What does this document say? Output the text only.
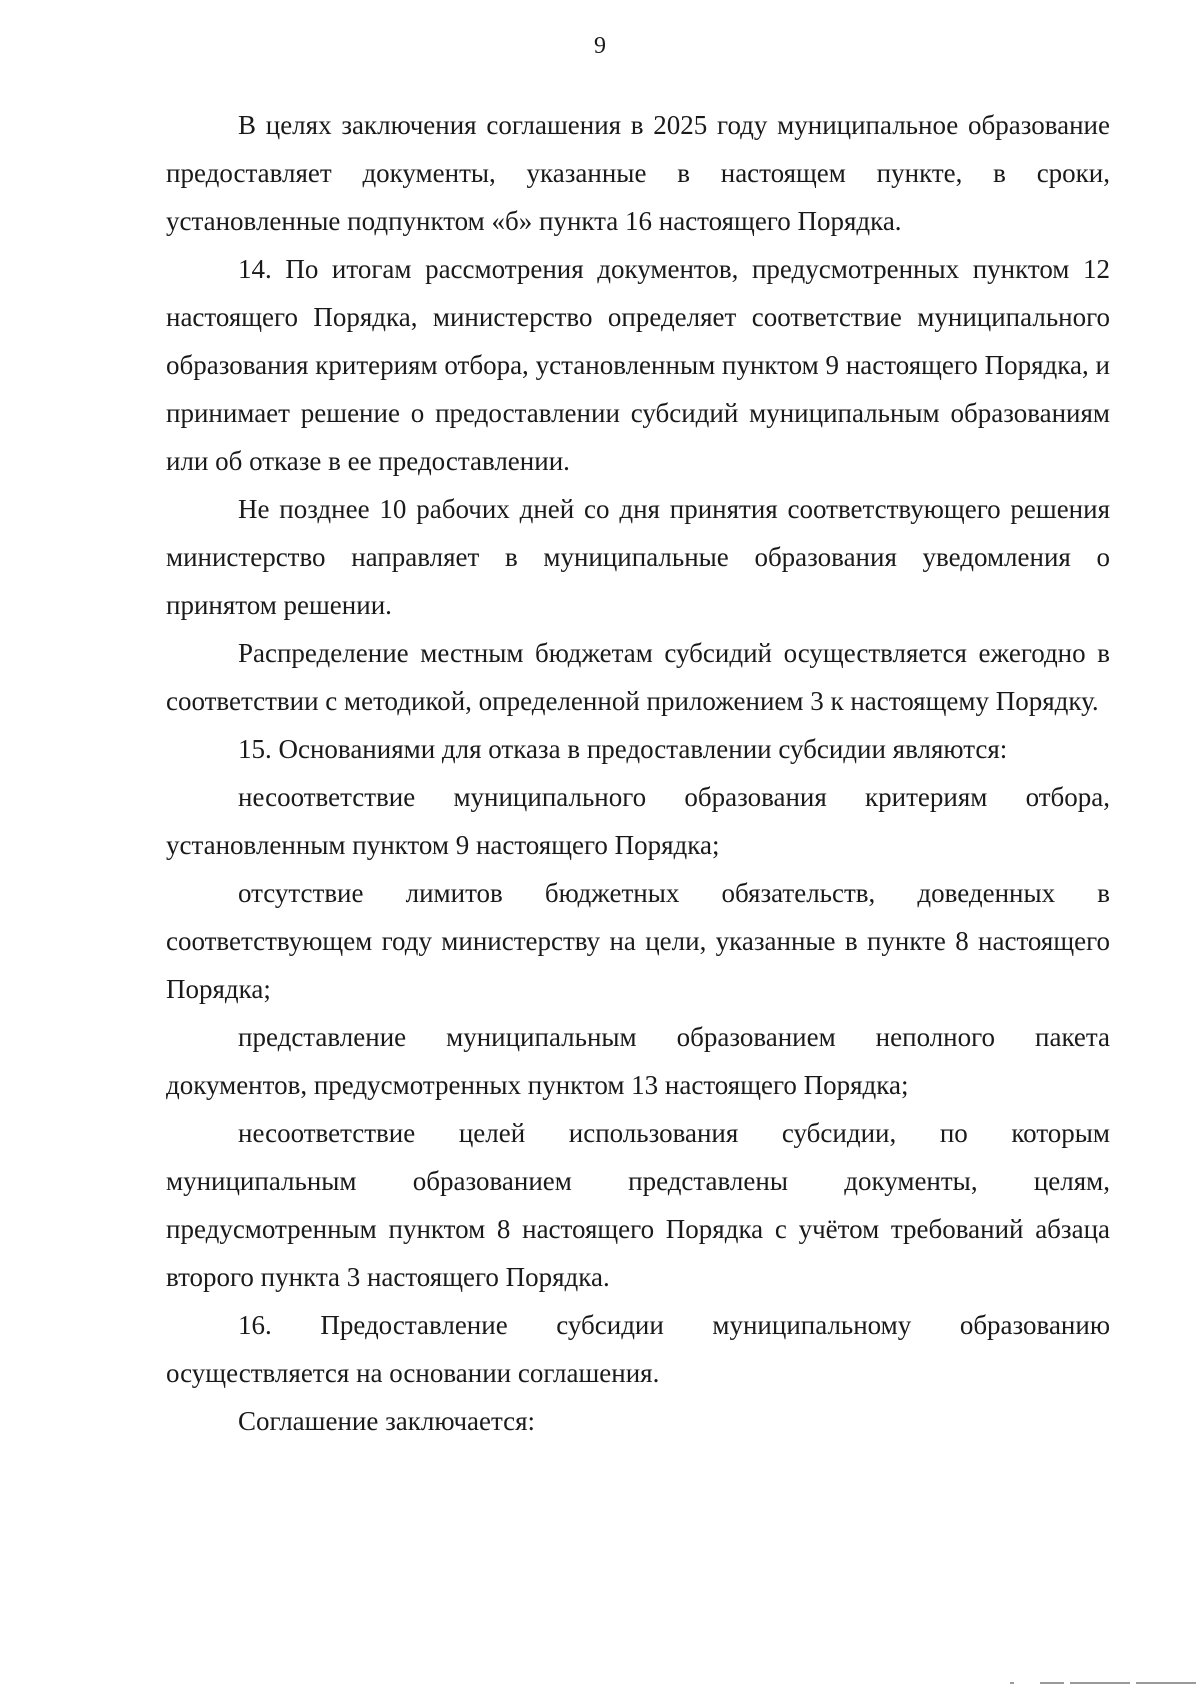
9

В целях заключения соглашения в 2025 году муниципальное образование предоставляет документы, указанные в настоящем пункте, в сроки, установленные подпунктом «б» пункта 16 настоящего Порядка.

14. По итогам рассмотрения документов, предусмотренных пунктом 12 настоящего Порядка, министерство определяет соответствие муниципального образования критериям отбора, установленным пунктом 9 настоящего Порядка, и принимает решение о предоставлении субсидий муниципальным образованиям или об отказе в ее предоставлении.

Не позднее 10 рабочих дней со дня принятия соответствующего решения министерство направляет в муниципальные образования уведомления о принятом решении.

Распределение местным бюджетам субсидий осуществляется ежегодно в соответствии с методикой, определенной приложением 3 к настоящему Порядку.

15. Основаниями для отказа в предоставлении субсидии являются:

несоответствие муниципального образования критериям отбора, установленным пунктом 9 настоящего Порядка;

отсутствие лимитов бюджетных обязательств, доведенных в соответствующем году министерству на цели, указанные в пункте 8 настоящего Порядка;

представление муниципальным образованием неполного пакета документов, предусмотренных пунктом 13 настоящего Порядка;

несоответствие целей использования субсидии, по которым муниципальным образованием представлены документы, целям, предусмотренным пунктом 8 настоящего Порядка с учётом требований абзаца второго пункта 3 настоящего Порядка.

16. Предоставление субсидии муниципальному образованию осуществляется на основании соглашения.

Соглашение заключается:
